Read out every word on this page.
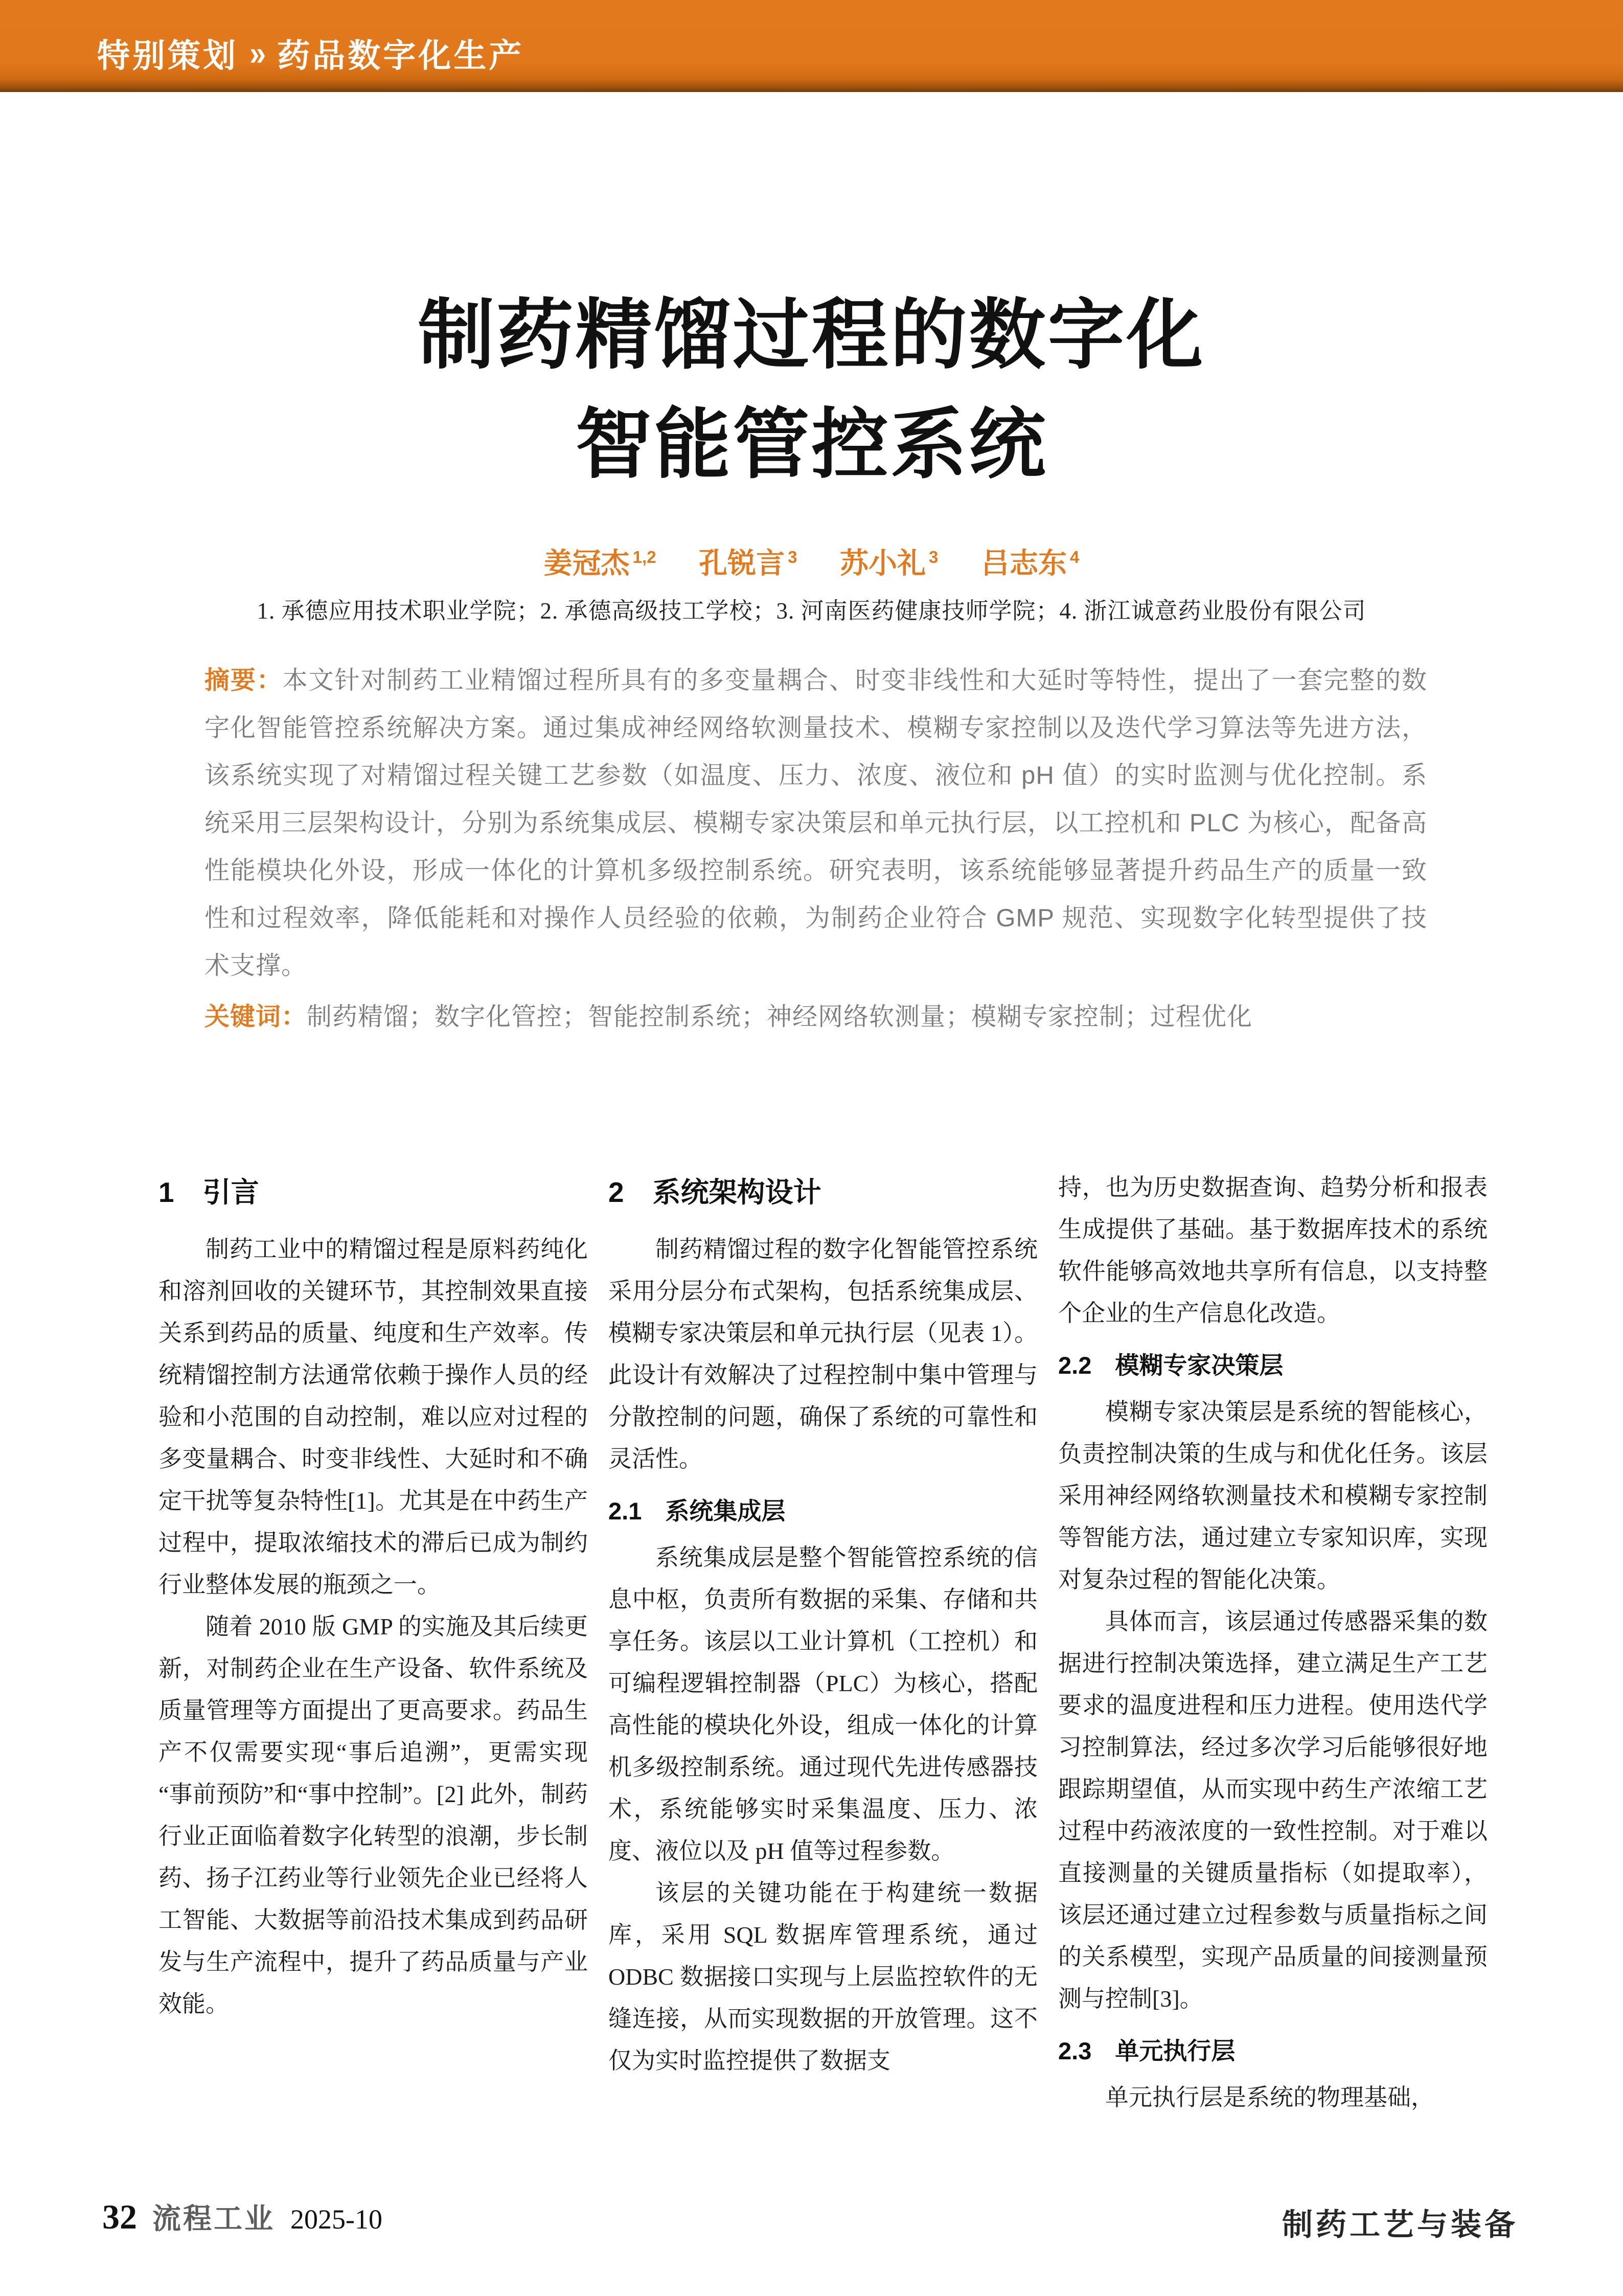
特别策划 » 药品数字化生产
制药精馏过程的数字化
智能管控系统
姜冠杰 $^{1,2}$ 孔锐言 $^3$ 苏小礼 $^3$ 吕志东 $^4$
1. 承德应用技术职业学院；2. 承德高级技工学校；3. 河南医药健康技师学院；4. 浙江诚意药业股份有限公司

摘要：本文针对制药工业精馏过程所具有的多变量耦合、时变非线性和大延时等特性，提出了一套完整的数字化智能管控系统解决方案。通过集成神经网络软测量技术、模糊专家控制以及迭代学习算法等先进方法，该系统实现了对精馏过程关键工艺参数（如温度、压力、浓度、液位和 pH 值）的实时监测与优化控制。系统采用三层架构设计，分别为系统集成层、模糊专家决策层和单元执行层，以工控机和 PLC 为核心，配备高性能模块化外设，形成一体化的计算机多级控制系统。研究表明，该系统能够显著提升药品生产的质量一致性和过程效率，降低能耗和对操作人员经验的依赖，为制药企业符合 GMP 规范、实现数字化转型提供了技术支撑。

关键词：制药精馏；数字化管控；智能控制系统；神经网络软测量；模糊专家控制；过程优化

1 引言

制药工业中的精馏过程是原料药纯化和溶剂回收的关键环节，其控制效果直接关系到药品的质量、纯度和生产效率。传统精馏控制方法通常依赖于操作人员的经验和小范围的自动控制，难以应对过程的多变量耦合、时变非线性、大延时和不确定干扰等复杂特性[1]。尤其是在中药生产过程中，提取浓缩技术的滞后已成为制约行业整体发展的瓶颈之一。

随着 2010 版 GMP 的实施及其后续更新，对制药企业在生产设备、软件系统及质量管理等方面提出了更高要求。药品生产不仅需要实现“事后追溯”，更需实现“事前预防”和“事中控制”。[2] 此外，制药行业正面临着数字化转型的浪潮，步长制药、扬子江药业等行业领先企业已经将人工智能、大数据等前沿技术集成到药品研发与生产流程中，提升了药品质量与产业效能。

2 系统架构设计

制药精馏过程的数字化智能管控系统采用分层分布式架构，包括系统集成层、模糊专家决策层和单元执行层（见表 1）。此设计有效解决了过程控制中集中管理与分散控制的问题，确保了系统的可靠性和灵活性。

2.1 系统集成层

系统集成层是整个智能管控系统的信息中枢，负责所有数据的采集、存储和共享任务。该层以工业计算机（工控机）和可编程逻辑控制器（PLC）为核心，搭配高性能的模块化外设，组成一体化的计算机多级控制系统。通过现代先进传感器技术，系统能够实时采集温度、压力、浓度、液位以及 pH 值等过程参数。

该层的关键功能在于构建统一数据库，采用 SQL 数据库管理系统，通过 ODBC 数据接口实现与上层监控软件的无缝连接，从而实现数据的开放管理。这不仅为实时监控提供了数据支

持，也为历史数据查询、趋势分析和报表生成提供了基础。基于数据库技术的系统软件能够高效地共享所有信息，以支持整个企业的生产信息化改造。

2.2 模糊专家决策层

模糊专家决策层是系统的智能核心，负责控制决策的生成与和优化任务。该层采用神经网络软测量技术和模糊专家控制等智能方法，通过建立专家知识库，实现对复杂过程的智能化决策。

具体而言，该层通过传感器采集的数据进行控制决策选择，建立满足生产工艺要求的温度进程和压力进程。使用迭代学习控制算法，经过多次学习后能够很好地跟踪期望值，从而实现中药生产浓缩工艺过程中药液浓度的一致性控制。对于难以直接测量的关键质量指标（如提取率），该层还通过建立过程参数与质量指标之间的关系模型，实现产品质量的间接测量预测与控制[3]。

2.3 单元执行层

单元执行层是系统的物理基础，

32 流程工业 2025-10	制药工艺与装备
